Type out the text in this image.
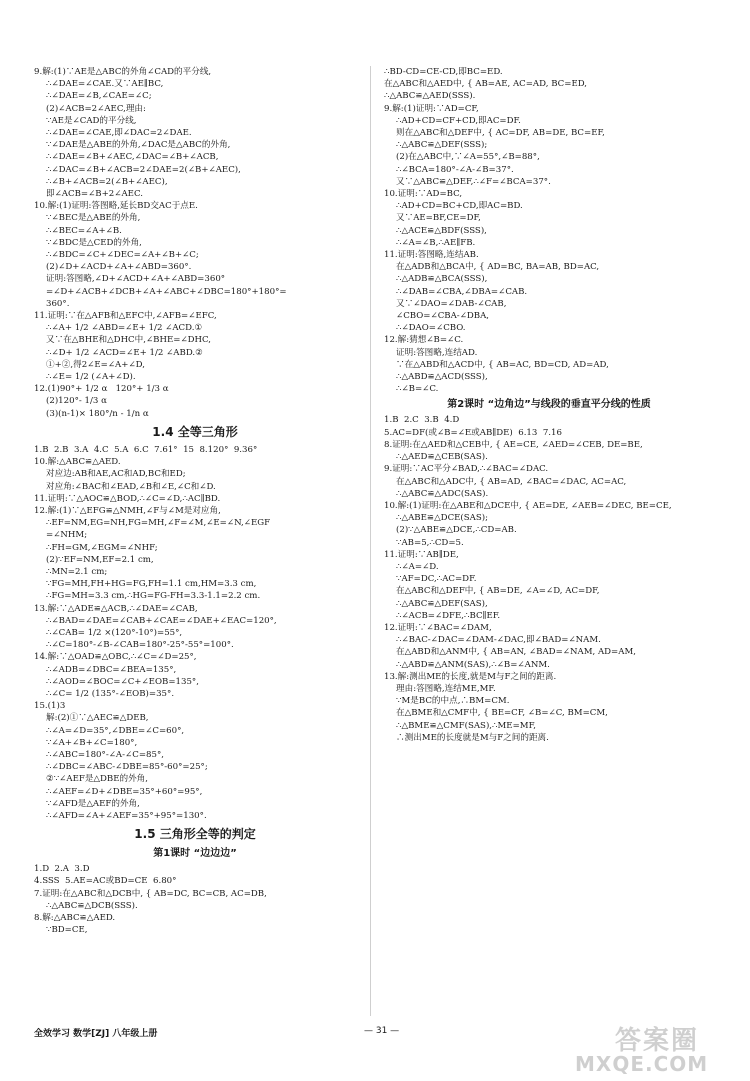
9.解:(1)∵AE是△ABC的外角∠CAD的平分线,
∴∠DAE=∠CAE.又∵AE∥BC,
∴∠DAE=∠B,∠CAE=∠C;
(2)∠ACB=2∠AEC,理由:
∵AE是∠CAD的平分线,
∴∠DAE=∠CAE,即∠DAC=2∠DAE.
∵∠DAE是△ABE的外角,∠DAC是△ABC的外角,
∴∠DAE=∠B+∠AEC,∠DAC=∠B+∠ACB,
∴∠DAC=∠B+∠ACB=2∠DAE=2(∠B+∠AEC),
∴∠B+∠ACB=2(∠B+∠AEC),
即∠ACB=∠B+2∠AEC.
10.解:(1)证明:答图略,延长BD交AC于点E.
∵∠BEC是△ABE的外角,
∴∠BEC=∠A+∠B.
∵∠BDC是△CED的外角,
∴∠BDC=∠C+∠DEC=∠A+∠B+∠C;
(2)∠D+∠ACD+∠A+∠ABD=360°.
证明:答图略,∠D+∠ACD+∠A+∠ABD=360°
=∠D+∠ACB+∠DCB+∠A+∠ABC+∠DBC=180°+180°=
360°.
11.证明:∵在△AFB和△EFC中,∠AFB=∠EFC,
∴∠A+ 1/2 ∠ABD=∠E+ 1/2 ∠ACD.①
又∵在△BHE和△DHC中,∠BHE=∠DHC,
∴∠D+ 1/2 ∠ACD=∠E+ 1/2 ∠ABD.②
①+②,得2∠E=∠A+∠D,
∴∠E= 1/2 (∠A+∠D).
12.(1)90°+ 1/2 α   120°+ 1/3 α
(2)120°- 1/3 α
(3)(n-1)× 180°/n - 1/n α
1.4 全等三角形
1.B  2.B  3.A  4.C  5.A  6.C  7.61°  15  8.120°  9.36°
10.解:△ABC≌△AED.
对应边:AB和AE,AC和AD,BC和ED;
对应角:∠BAC和∠EAD,∠B和∠E,∠C和∠D.
11.证明:∵△AOC≌△BOD,∴∠C=∠D,∴AC∥BD.
12.解:(1)∵△EFG≌△NMH,∠F与∠M是对应角,
∴EF=NM,EG=NH,FG=MH,∠F=∠M,∠E=∠N,∠EGF
=∠NHM;
∴FH=GM,∠EGM=∠NHF;
(2)∵EF=NM,EF=2.1 cm,
∴MN=2.1 cm;
∵FG=MH,FH+HG=FG,FH=1.1 cm,HM=3.3 cm,
∴FG=MH=3.3 cm,∴HG=FG-FH=3.3-1.1=2.2 cm.
13.解:∵△ADE≌△ACB,∴∠DAE=∠CAB,
∴∠BAD=∠DAE=∠CAB+∠CAE=∠DAE+∠EAC=120°,
∴∠CAB= 1/2 ×(120°-10°)=55°,
∴∠C=180°-∠B-∠CAB=180°-25°-55°=100°.
14.解:∵△OAD≌△OBC,∴∠C=∠D=25°,
∴∠ADB=∠DBC=∠BEA=135°,
∴∠AOD=∠BOC=∠C+∠EOB=135°,
∴∠C= 1/2 (135°-∠EOB)=35°.
15.(1)3
解:(2)①∵△AEC≌△DEB,
∴∠A=∠D=35°,∠DBE=∠C=60°,
∵∠A+∠B+∠C=180°,
∴∠ABC=180°-∠A-∠C=85°,
∴∠DBC=∠ABC-∠DBE=85°-60°=25°;
②∵∠AEF是△DBE的外角,
∴∠AEF=∠D+∠DBE=35°+60°=95°,
∵∠AFD是△AEF的外角,
∴∠AFD=∠A+∠AEF=35°+95°=130°.
1.5 三角形全等的判定
第1课时 “边边边”
1.D  2.A  3.D
4.SSS  5.AE=AC或BD=CE  6.80°
7.证明:在△ABC和△DCB中, { AB=DC, BC=CB, AC=DB,
∴△ABC≌△DCB(SSS).
8.解:△ABC≌△AED.
∵BD=CE,
∴BD-CD=CE-CD,即BC=ED.
在△ABC和△AED中, { AB=AE, AC=AD, BC=ED,
∴△ABC≌△AED(SSS).
9.解:(1)证明:∵AD=CF,
∴AD+CD=CF+CD,即AC=DF.
则在△ABC和△DEF中, { AC=DF, AB=DE, BC=EF,
∴△ABC≌△DEF(SSS);
(2)在△ABC中,∵∠A=55°,∠B=88°,
∴∠BCA=180°-∠A-∠B=37°.
又∵△ABC≌△DEF,∴∠F=∠BCA=37°.
10.证明:∵AD=BC,
∴AD+CD=BC+CD,即AC=BD.
又∵AE=BF,CE=DF,
∴△ACE≌△BDF(SSS),
∴∠A=∠B,∴AE∥FB.
11.证明:答图略,连结AB.
在△ADB和△BCA中, { AD=BC, BA=AB, BD=AC,
∴△ADB≌△BCA(SSS),
∴∠DAB=∠CBA,∠DBA=∠CAB.
又∵∠DAO=∠DAB-∠CAB,
∠CBO=∠CBA-∠DBA,
∴∠DAO=∠CBO.
12.解:猜想∠B=∠C.
证明:答图略,连结AD.
∵在△ABD和△ACD中, { AB=AC, BD=CD, AD=AD,
∴△ABD≌△ACD(SSS),
∴∠B=∠C.
第2课时 “边角边”与线段的垂直平分线的性质
1.B  2.C  3.B  4.D
5.AC=DF(或∠B=∠E或AB∥DE)  6.13  7.16
8.证明:在△AED和△CEB中, { AE=CE, ∠AED=∠CEB, DE=BE,
∴△AED≌△CEB(SAS).
9.证明:∵AC平分∠BAD,∴∠BAC=∠DAC.
在△ABC和△ADC中, { AB=AD, ∠BAC=∠DAC, AC=AC,
∴△ABC≌△ADC(SAS).
10.解:(1)证明:在△ABE和△DCE中, { AE=DE, ∠AEB=∠DEC, BE=CE,
∴△ABE≌△DCE(SAS);
(2)∵△ABE≌△DCE,∴CD=AB.
∵AB=5,∴CD=5.
11.证明:∵AB∥DE,
∴∠A=∠D.
∵AF=DC,∴AC=DF.
在△ABC和△DEF中, { AB=DE, ∠A=∠D, AC=DF,
∴△ABC≌△DEF(SAS),
∴∠ACB=∠DFE,∴BC∥EF.
12.证明:∵∠BAC=∠DAM,
∴∠BAC-∠DAC=∠DAM-∠DAC,即∠BAD=∠NAM.
在△ABD和△ANM中, { AB=AN, ∠BAD=∠NAM, AD=AM,
∴△ABD≌△ANM(SAS),∴∠B=∠ANM.
13.解:测出ME的长度,就是M与F之间的距离.
理由:答图略,连结ME,MF.
∵M是BC的中点,∴BM=CM.
在△BME和△CMF中, { BE=CF, ∠B=∠C, BM=CM,
∴△BME≌△CMF(SAS),∴ME=MF,
∴测出ME的长度就是M与F之间的距离.
全效学习 数学[ZJ] 八年级上册	— 31 —	答案圈
MXQE.COM
